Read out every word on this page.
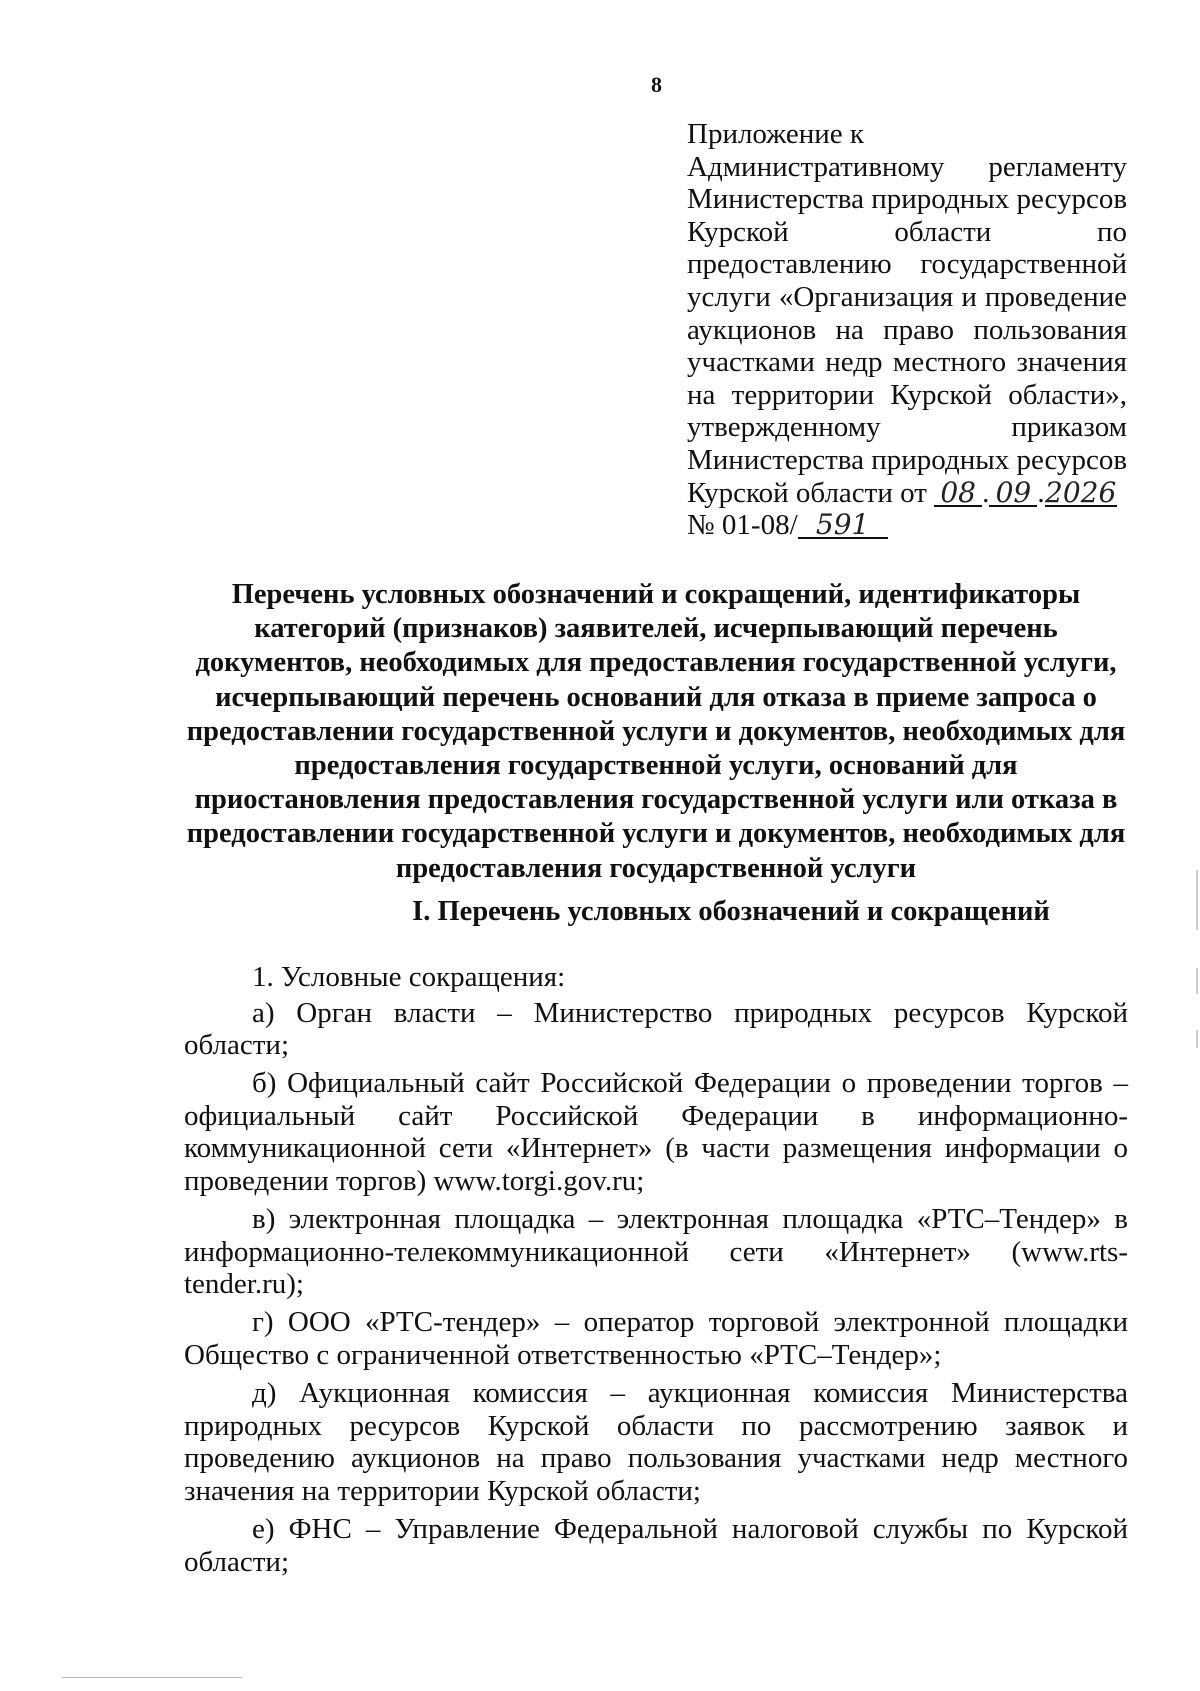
8
Приложение к
Административному регламенту
Министерства природных ресурсов
Курской области по
предоставлению государственной
услуги «Организация и проведение
аукционов на право пользования
участками недр местного значения
на территории Курской области»,
утвержденному приказом
Министерства природных ресурсов
Курской области от 08 . 09 .2026
№ 01-08/ 591
Перечень условных обозначений и сокращений, идентификаторы категорий (признаков) заявителей, исчерпывающий перечень документов, необходимых для предоставления государственной услуги, исчерпывающий перечень оснований для отказа в приеме запроса о предоставлении государственной услуги и документов, необходимых для предоставления государственной услуги, оснований для приостановления предоставления государственной услуги или отказа в предоставлении государственной услуги и документов, необходимых для предоставления государственной услуги
I. Перечень условных обозначений и сокращений

1. Условные сокращения:

а) Орган власти – Министерство природных ресурсов Курской области;

б) Официальный сайт Российской Федерации о проведении торгов – официальный сайт Российской Федерации в информационно-коммуникационной сети «Интернет» (в части размещения информации о проведении торгов) www.torgi.gov.ru;

в) электронная площадка – электронная площадка «РТС–Тендер» в информационно-телекоммуникационной сети «Интернет» (www.rts-tender.ru);

г) ООО «РТС-тендер» – оператор торговой электронной площадки Общество с ограниченной ответственностью «РТС–Тендер»;

д) Аукционная комиссия – аукционная комиссия Министерства природных ресурсов Курской области по рассмотрению заявок и проведению аукционов на право пользования участками недр местного значения на территории Курской области;

е) ФНС – Управление Федеральной налоговой службы по Курской области;
